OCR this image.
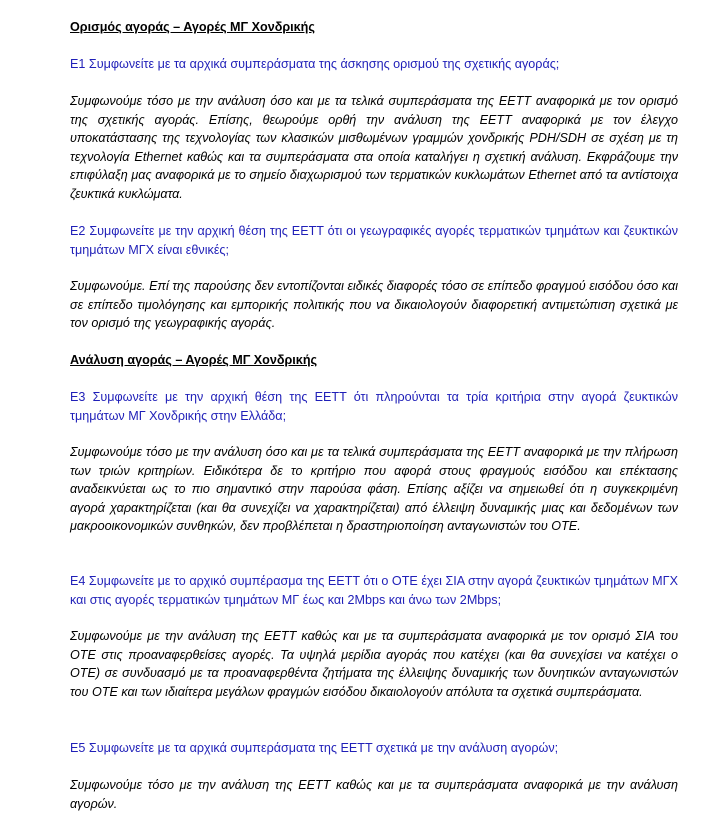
Ορισμός αγοράς – Αγορές ΜΓ Χονδρικής

Ε1 Συμφωνείτε με τα αρχικά συμπεράσματα της άσκησης ορισμού της σχετικής αγοράς;

Συμφωνούμε τόσο με την ανάλυση όσο και με τα τελικά συμπεράσματα της ΕΕΤΤ αναφορικά με τον ορισμό της σχετικής αγοράς. Επίσης, θεωρούμε ορθή την ανάλυση της ΕΕΤΤ αναφορικά με τον έλεγχο υποκατάστασης της τεχνολογίας των κλασικών μισθωμένων γραμμών χονδρικής PDH/SDH σε σχέση με τη τεχνολογία Ethernet καθώς και τα συμπεράσματα στα οποία καταλήγει η σχετική ανάλυση. Εκφράζουμε την επιφύλαξη μας αναφορικά με το σημείο διαχωρισμού των τερματικών κυκλωμάτων Ethernet από τα αντίστοιχα ζευκτικά κυκλώματα.

Ε2 Συμφωνείτε με την αρχική θέση της ΕΕΤΤ ότι οι γεωγραφικές αγορές τερματικών τμημάτων και ζευκτικών τμημάτων ΜΓΧ είναι εθνικές;

Συμφωνούμε. Επί της παρούσης δεν εντοπίζονται ειδικές διαφορές τόσο σε επίπεδο φραγμού εισόδου όσο και σε επίπεδο τιμολόγησης και εμπορικής πολιτικής που να δικαιολογούν διαφορετική αντιμετώπιση σχετικά με τον ορισμό της γεωγραφικής αγοράς.

Ανάλυση αγοράς – Αγορές ΜΓ Χονδρικής

Ε3 Συμφωνείτε με την αρχική θέση της ΕΕΤΤ ότι πληρούνται τα τρία κριτήρια στην αγορά ζευκτικών τμημάτων ΜΓ Χονδρικής στην Ελλάδα;

Συμφωνούμε τόσο με την ανάλυση όσο και με τα τελικά συμπεράσματα της ΕΕΤΤ αναφορικά με την πλήρωση των τριών κριτηρίων. Ειδικότερα δε το κριτήριο που αφορά στους φραγμούς εισόδου και επέκτασης αναδεικνύεται ως το πιο σημαντικό στην παρούσα φάση. Επίσης αξίζει να σημειωθεί ότι η συγκεκριμένη αγορά χαρακτηρίζεται (και θα συνεχίζει να χαρακτηρίζεται) από έλλειψη δυναμικής μιας και δεδομένων των μακροοικονομικών συνθηκών, δεν προβλέπεται η δραστηριοποίηση ανταγωνιστών του ΟΤΕ.

Ε4 Συμφωνείτε με το αρχικό συμπέρασμα της ΕΕΤΤ ότι ο ΟΤΕ έχει ΣΙΑ στην αγορά ζευκτικών τμημάτων ΜΓΧ και στις αγορές τερματικών τμημάτων ΜΓ έως και 2Mbps και άνω των 2Mbps;

Συμφωνούμε με την ανάλυση της ΕΕΤΤ καθώς και με τα συμπεράσματα αναφορικά με τον ορισμό ΣΙΑ του ΟΤΕ στις προαναφερθείσες αγορές. Τα υψηλά μερίδια αγοράς που κατέχει (και θα συνεχίσει να κατέχει ο ΟΤΕ) σε συνδυασμό με τα προαναφερθέντα ζητήματα της έλλειψης δυναμικής των δυνητικών ανταγωνιστών του ΟΤΕ και των ιδιαίτερα μεγάλων φραγμών εισόδου δικαιολογούν απόλυτα τα σχετικά συμπεράσματα.

Ε5 Συμφωνείτε με τα αρχικά συμπεράσματα της ΕΕΤΤ σχετικά με την ανάλυση αγορών;

Συμφωνούμε τόσο με την ανάλυση της ΕΕΤΤ καθώς και με τα συμπεράσματα αναφορικά με την ανάλυση αγορών.
